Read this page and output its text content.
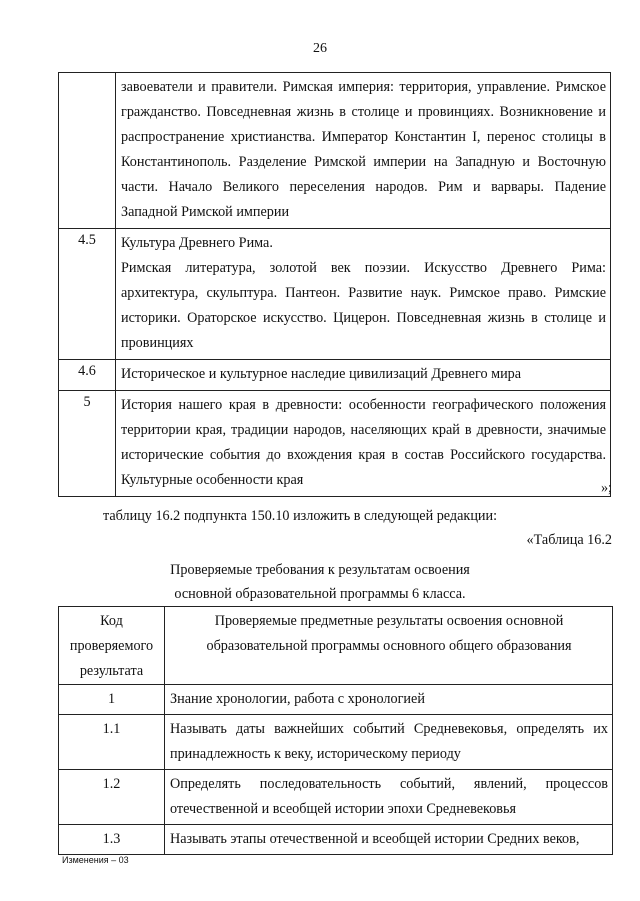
26

	завоеватели и правители. Римская империя: территория, управление. Римское гражданство. Повседневная жизнь в столице и провинциях. Возникновение и распространение христианства. Император Константин I, перенос столицы в Константинополь. Разделение Римской империи на Западную и Восточную части. Начало Великого переселения народов. Рим и варвары. Падение Западной Римской империи

4.5	Культура Древнего Рима.

Римская литература, золотой век поэзии. Искусство Древнего Рима: архитектура, скульптура. Пантеон. Развитие наук. Римское право. Римские историки. Ораторское искусство. Цицерон. Повседневная жизнь в столице и провинциях

4.6	Историческое и культурное наследие цивилизаций Древнего мира

5	История нашего края в древности: особенности географического положения территории края, традиции народов, населяющих край в древности, значимые исторические события до вхождения края в состав Российского государства. Культурные особенности края	»;
таблицу 16.2 подпункта 150.10 изложить в следующей редакции:
«Таблица 16.2
Проверяемые требования к результатам освоения
основной образовательной программы 6 класса.
Код проверяемого результата	Проверяемые предметные результаты освоения основной образовательной программы основного общего образования
1	Знание хронологии, работа с хронологией
1.1	Называть даты важнейших событий Средневековья, определять их принадлежность к веку, историческому периоду
1.2	Определять последовательность событий, явлений, процессов отечественной и всеобщей истории эпохи Средневековья
1.3	Называть этапы отечественной и всеобщей истории Средних веков,
Изменения – 03
